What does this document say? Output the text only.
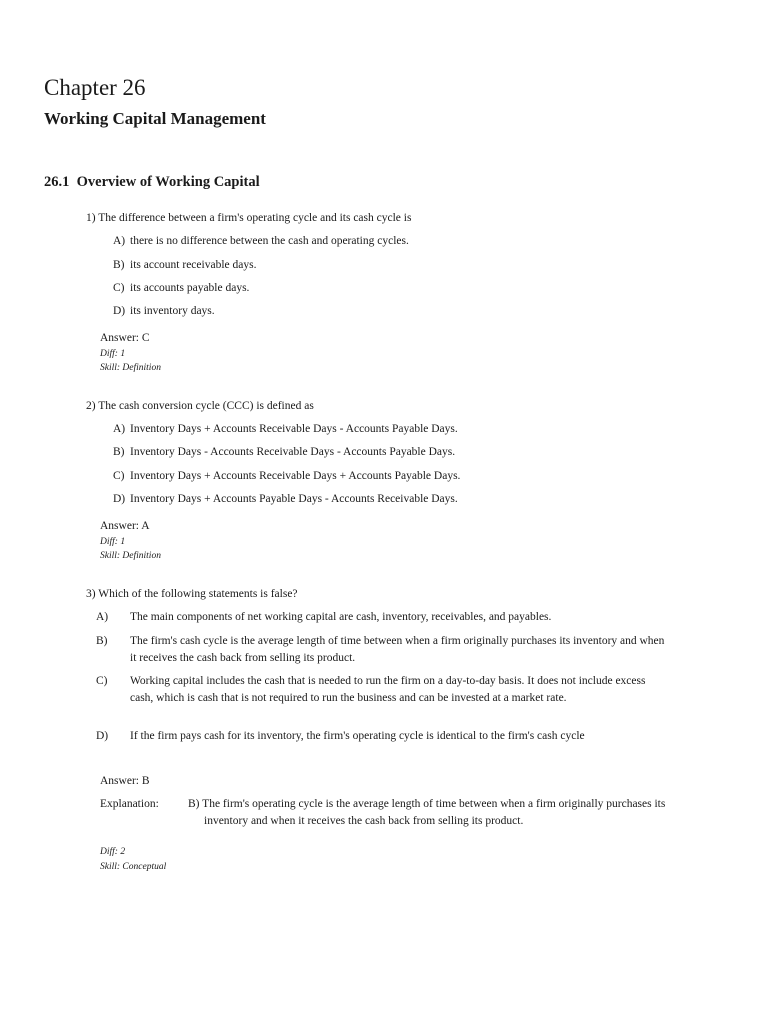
Chapter 26
Working Capital Management
26.1  Overview of Working Capital
1) The difference between a firm's operating cycle and its cash cycle is
A) there is no difference between the cash and operating cycles.
B) its account receivable days.
C) its accounts payable days.
D) its inventory days.
Answer: C
Diff: 1
Skill: Definition
2) The cash conversion cycle (CCC) is defined as
A) Inventory Days + Accounts Receivable Days - Accounts Payable Days.
B) Inventory Days - Accounts Receivable Days - Accounts Payable Days.
C) Inventory Days + Accounts Receivable Days + Accounts Payable Days.
D) Inventory Days + Accounts Payable Days - Accounts Receivable Days.
Answer: A
Diff: 1
Skill: Definition
3) Which of the following statements is false?
A) The main components of net working capital are cash, inventory, receivables, and payables.
B) The firm's cash cycle is the average length of time between when a firm originally purchases its inventory and when it receives the cash back from selling its product.
C) Working capital includes the cash that is needed to run the firm on a day-to-day basis. It does not include excess cash, which is cash that is not required to run the business and can be invested at a market rate.
D) If the firm pays cash for its inventory, the firm's operating cycle is identical to the firm's cash cycle
Answer: B
Explanation:	B) The firm's operating cycle is the average length of time between when a firm originally purchases its inventory and when it receives the cash back from selling its product.
Diff: 2
Skill: Conceptual
